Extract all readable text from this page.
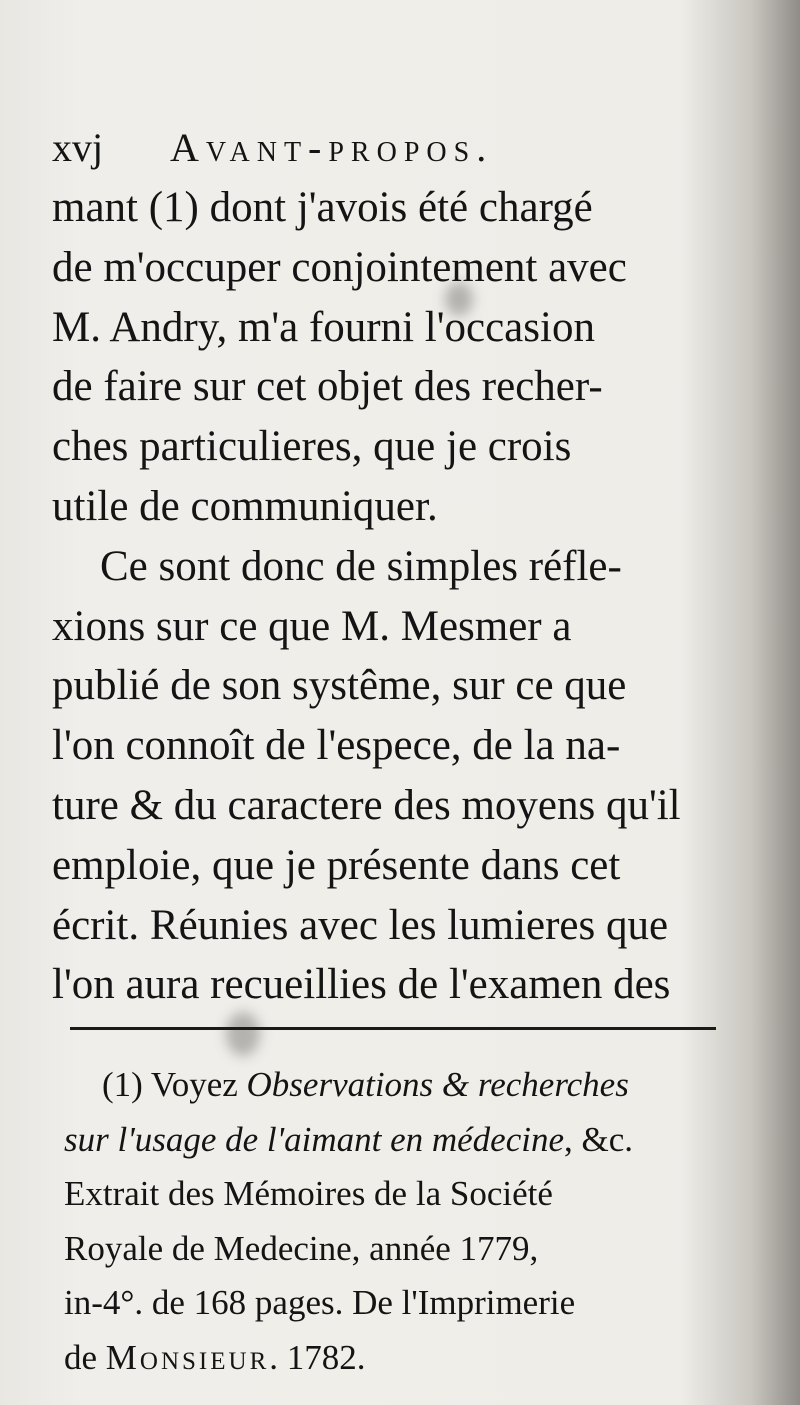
xvj Avant-propos.
mant (1) dont j'avois été chargé
de m'occuper conjointement avec
M. Andry, m'a fourni l'occasion
de faire sur cet objet des recher-
ches particulieres, que je crois
utile de communiquer.
Ce sont donc de simples réfle-
xions sur ce que M. Mesmer a
publié de son systême, sur ce que
l'on connoît de l'espece, de la na-
ture & du caractere des moyens qu'il
emploie, que je présente dans cet
écrit. Réunies avec les lumieres que
l'on aura recueillies de l'examen des
(1) Voyez Observations & recherches
sur l'usage de l'aimant en médecine, &c.
Extrait des Mémoires de la Société
Royale de Medecine, année 1779,
in-4°. de 168 pages. De l'Imprimerie
de Monsieur. 1782.
